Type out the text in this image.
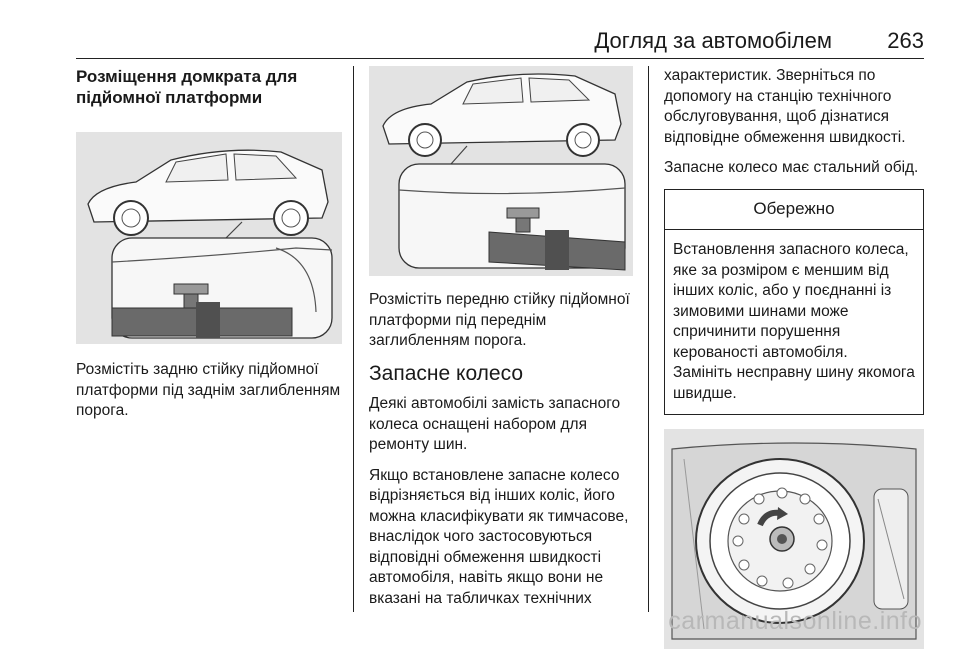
Догляд за автомобілем	263
Розміщення домкрата для підйомної платформи

Розмістіть задню стійку підйомної платформи під заднім заглибленням порога.

Розмістіть передню стійку підйомної платформи під переднім заглибленням порога.

Запасне колесо

Деякі автомобілі замість запасного колеса оснащені набором для ремонту шин.

Якщо встановлене запасне колесо відрізняється від інших коліс, його можна класифікувати як тимчасове, внаслідок чого застосовуються відповідні обмеження швидкості автомобіля, навіть якщо вони не вказані на табличках технічних

характеристик. Зверніться по допомогу на станцію технічного обслуговування, щоб дізнатися відповідне обмеження швидкості.

Запасне колесо має стальний обід.

Обережно

Встановлення запасного колеса, яке за розміром є меншим від інших коліс, або у поєднанні із зимовими шинами може спричинити порушення керованості автомобіля.

Замініть несправну шину якомога швидше.

carmanualsonline.info
